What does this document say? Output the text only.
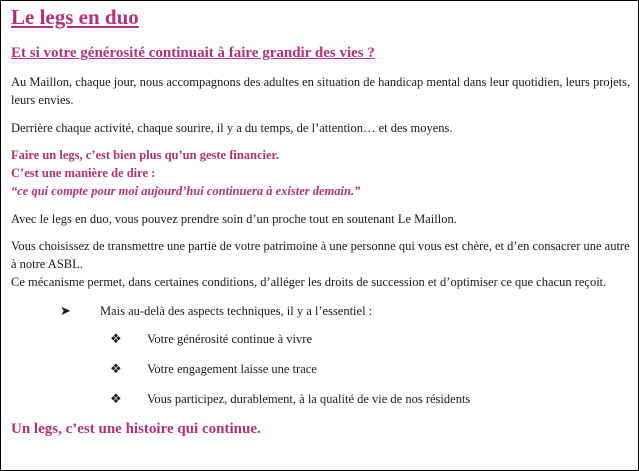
Le legs en duo
Et si votre générosité continuait à faire grandir des vies ?

Au Maillon, chaque jour, nous accompagnons des adultes en situation de handicap mental dans leur quotidien, leurs projets, leurs envies.

Derrière chaque activité, chaque sourire, il y a du temps, de l’attention… et des moyens.

Faire un legs, c’est bien plus qu’un geste financier.
C’est une manière de dire :
“ce qui compte pour moi aujourd’hui continuera à exister demain.”

Avec le legs en duo, vous pouvez prendre soin d’un proche tout en soutenant Le Maillon.

Vous choisissez de transmettre une partie de votre patrimoine à une personne qui vous est chère, et d’en consacrer une autre à notre ASBL.

Ce mécanisme permet, dans certaines conditions, d’alléger les droits de succession et d’optimiser ce que chacun reçoit.

➤	Mais au-delà des aspects techniques, il y a l’essentiel :
❖	Votre générosité continue à vivre
❖	Votre engagement laisse une trace
❖	Vous participez, durablement, à la qualité de vie de nos résidents

Un legs, c’est une histoire qui continue.
